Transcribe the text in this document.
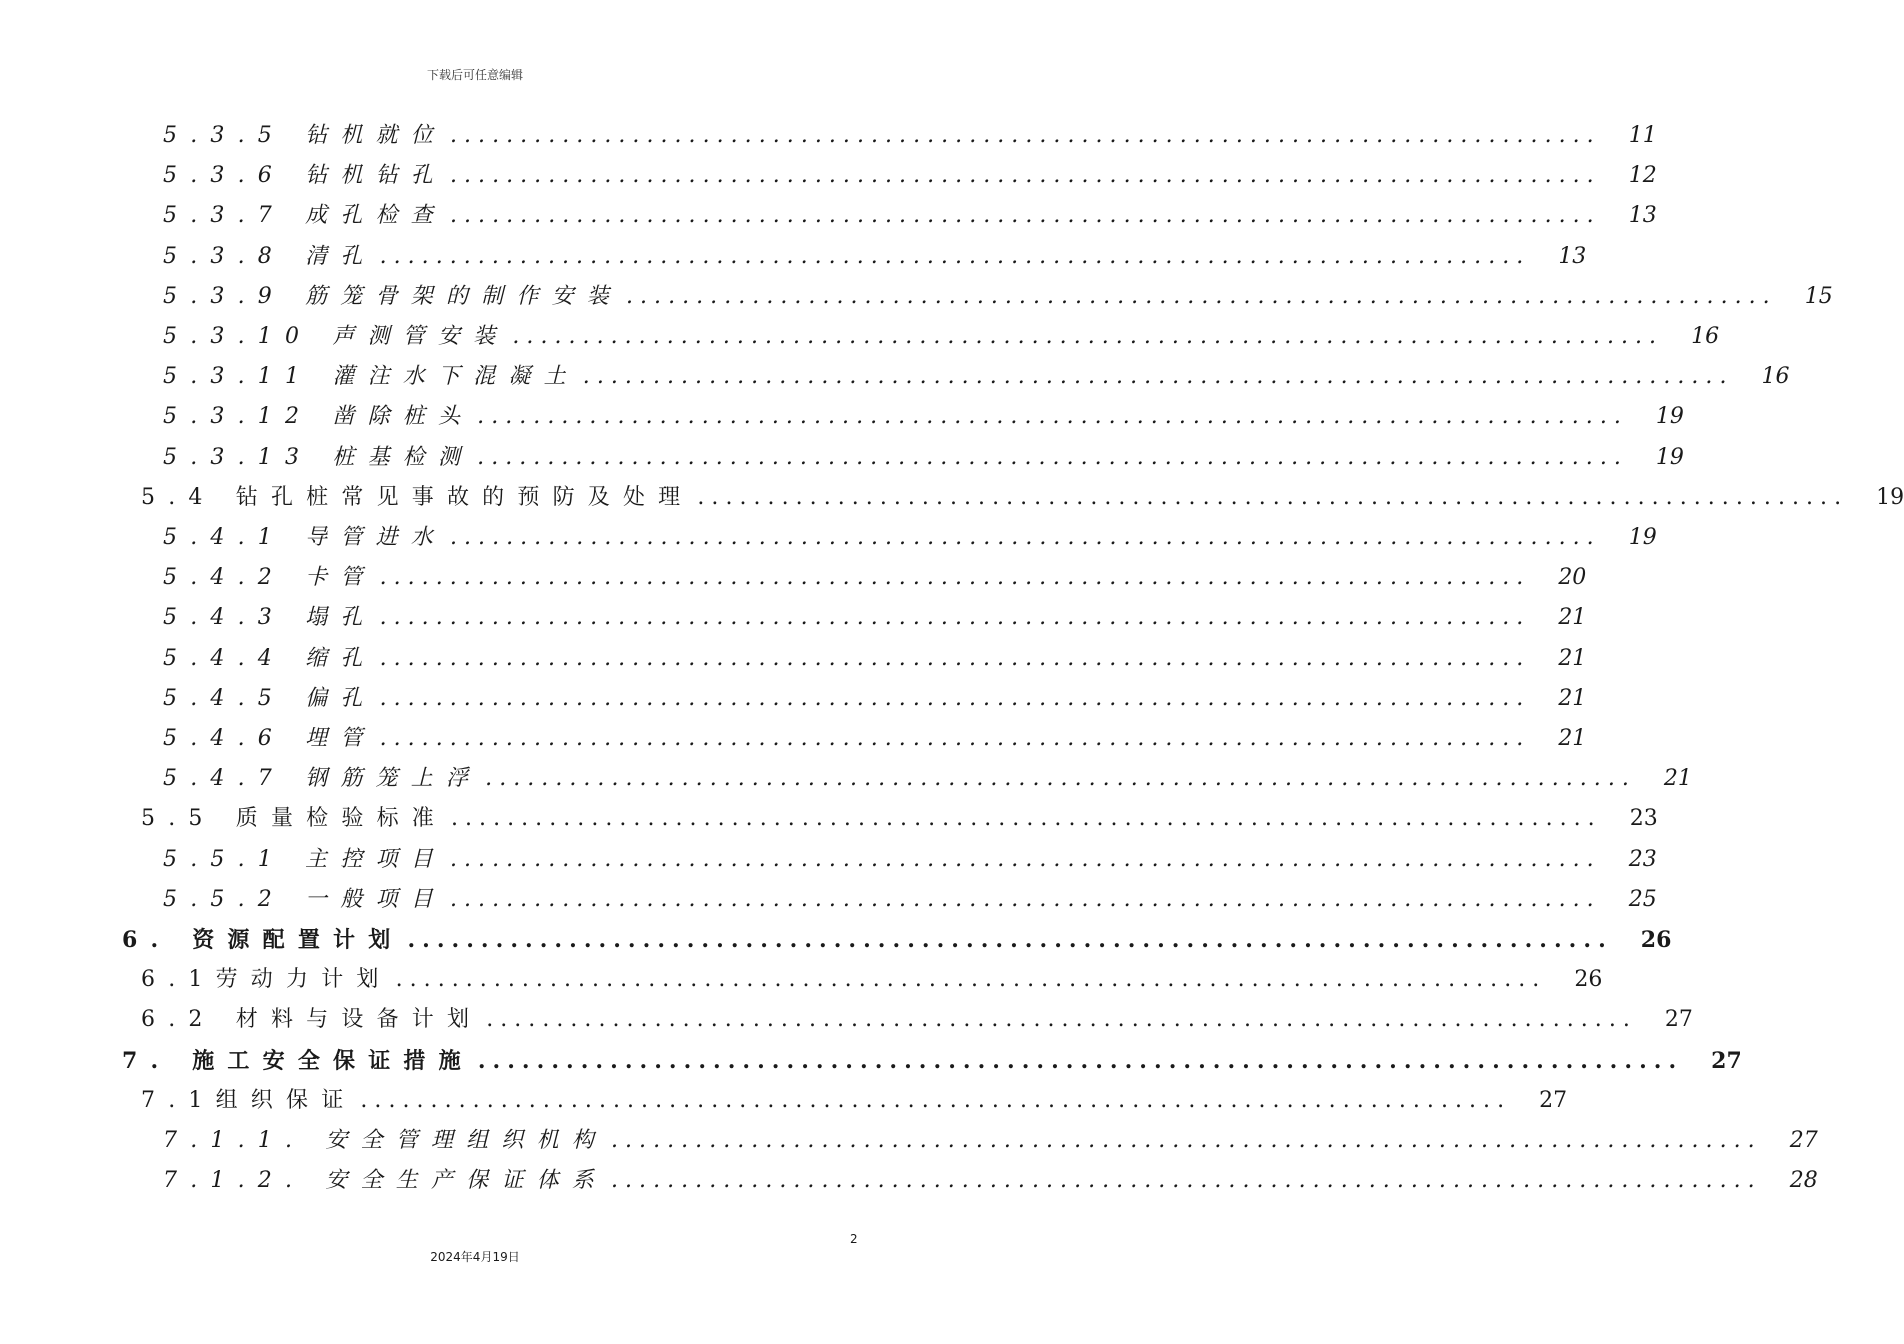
下载后可任意编辑
5.3.5 钻机就位 .................................................................................. 11
5.3.6 钻机钻孔 .................................................................................. 12
5.3.7 成孔检查 .................................................................................. 13
5.3.8 清孔 .................................................................................. 13
5.3.9 筋笼骨架的制作安装 .................................................................................. 15
5.3.10 声测管安装 .................................................................................. 16
5.3.11 灌注水下混凝土 .................................................................................. 16
5.3.12 凿除桩头 .................................................................................. 19
5.3.13 桩基检测 .................................................................................. 19
5.4 钻孔桩常见事故的预防及处理 .................................................................................. 19
5.4.1 导管进水 .................................................................................. 19
5.4.2 卡管 .................................................................................. 20
5.4.3 塌孔 .................................................................................. 21
5.4.4 缩孔 .................................................................................. 21
5.4.5 偏孔 .................................................................................. 21
5.4.6 埋管 .................................................................................. 21
5.4.7 钢筋笼上浮 .................................................................................. 21
5.5 质量检验标准 .................................................................................. 23
5.5.1 主控项目 .................................................................................. 23
5.5.2 一般项目 .................................................................................. 25
6. 资源配置计划 .................................................................................. 26
6.1劳动力计划 .................................................................................. 26
6.2 材料与设备计划 .................................................................................. 27
7. 施工安全保证措施 .................................................................................. 27
7.1组织保证 .................................................................................. 27
7.1.1. 安全管理组织机构 .................................................................................. 27
7.1.2. 安全生产保证体系 .................................................................................. 28
2
2024年4月19日
